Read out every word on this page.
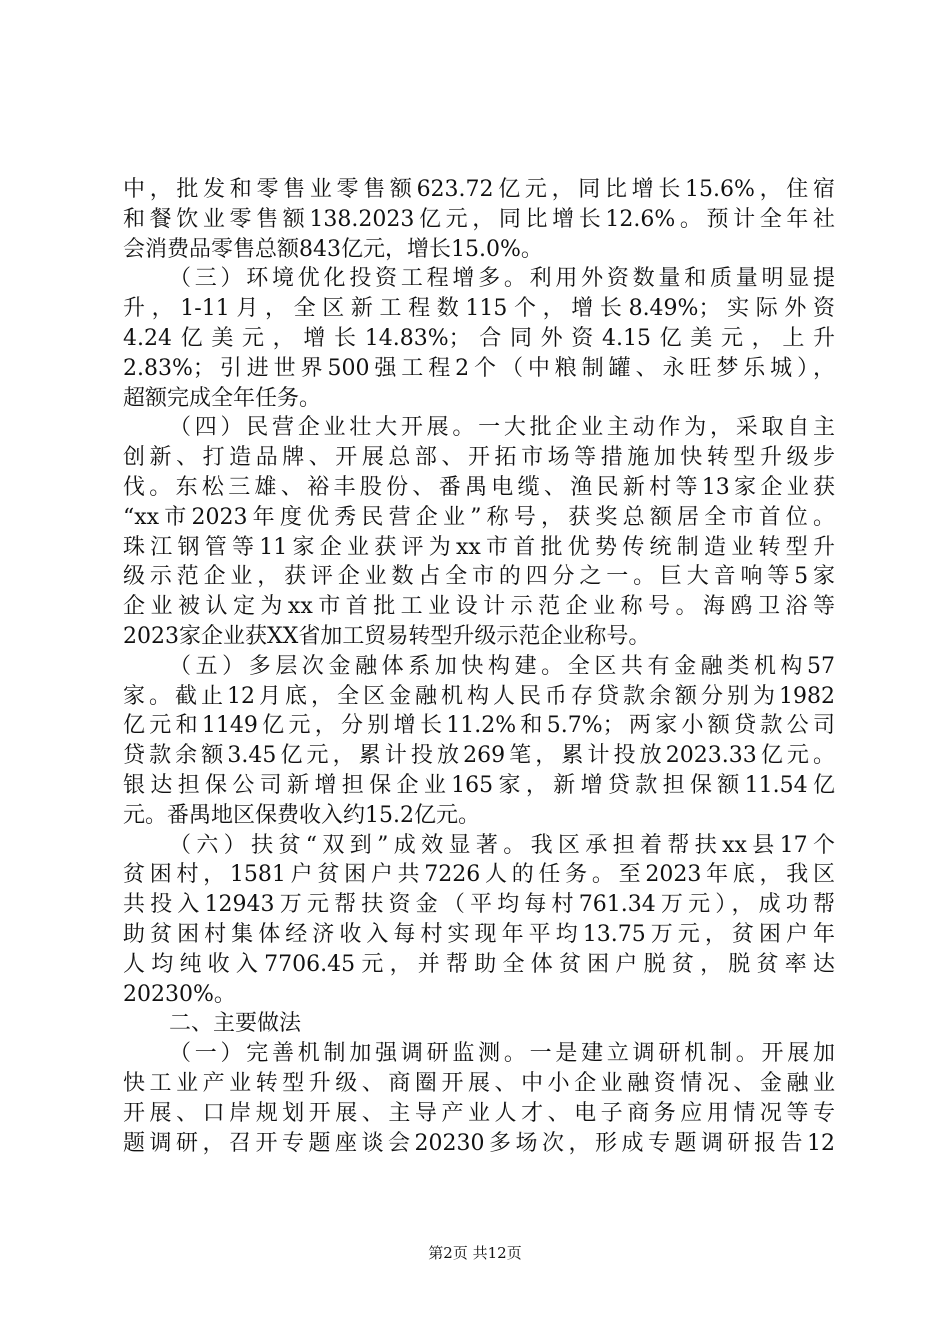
中，批发和零售业零售额623.72亿元，同比增长15.6%，住宿
和餐饮业零售额138.2023亿元，同比增长12.6%。预计全年社
会消费品零售总额843亿元，增长15.0%。
（三）环境优化投资工程增多。利用外资数量和质量明显提
升，1-11月，全区新工程数115个，增长8.49%；实际外资
4.24亿美元，增长14.83%；合同外资4.15亿美元，上升
2.83%；引进世界500强工程2个（中粮制罐、永旺梦乐城），
超额完成全年任务。
（四）民营企业壮大开展。一大批企业主动作为，采取自主
创新、打造品牌、开展总部、开拓市场等措施加快转型升级步
伐。东松三雄、裕丰股份、番禺电缆、渔民新村等13家企业获
“xx市2023年度优秀民营企业”称号，获奖总额居全市首位。
珠江钢管等11家企业获评为xx市首批优势传统制造业转型升
级示范企业，获评企业数占全市的四分之一。巨大音响等5家
企业被认定为xx市首批工业设计示范企业称号。海鸥卫浴等
2023家企业获XX省加工贸易转型升级示范企业称号。
（五）多层次金融体系加快构建。全区共有金融类机构57
家。截止12月底，全区金融机构人民币存贷款余额分别为1982
亿元和1149亿元，分别增长11.2%和5.7%；两家小额贷款公司
贷款余额3.45亿元，累计投放269笔，累计投放2023.33亿元。
银达担保公司新增担保企业165家，新增贷款担保额11.54亿
元。番禺地区保费收入约15.2亿元。
（六）扶贫“双到”成效显著。我区承担着帮扶xx县17个
贫困村，1581户贫困户共7226人的任务。至2023年底，我区
共投入12943万元帮扶资金（平均每村761.34万元），成功帮
助贫困村集体经济收入每村实现年平均13.75万元，贫困户年
人均纯收入7706.45元，并帮助全体贫困户脱贫，脱贫率达
20230%。
二、主要做法
（一）完善机制加强调研监测。一是建立调研机制。开展加
快工业产业转型升级、商圈开展、中小企业融资情况、金融业
开展、口岸规划开展、主导产业人才、电子商务应用情况等专
题调研，召开专题座谈会20230多场次，形成专题调研报告12
第2页 共12页
